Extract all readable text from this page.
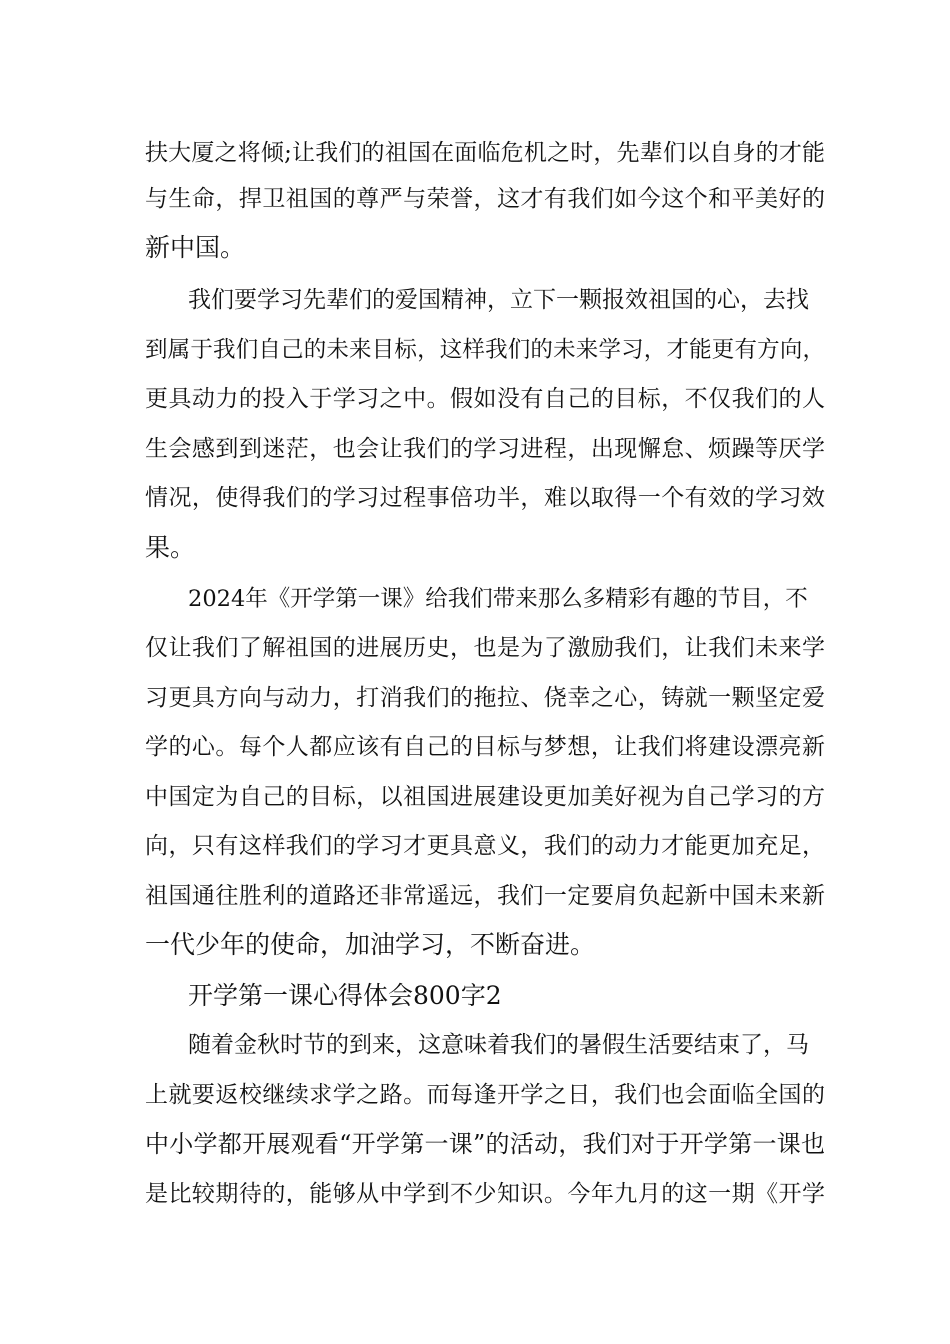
扶大厦之将倾;让我们的祖国在面临危机之时，先辈们以自身的才能
与生命，捍卫祖国的尊严与荣誉，这才有我们如今这个和平美好的
新中国。
我们要学习先辈们的爱国精神，立下一颗报效祖国的心，去找
到属于我们自己的未来目标，这样我们的未来学习，才能更有方向，
更具动力的投入于学习之中。假如没有自己的目标，不仅我们的人
生会感到到迷茫，也会让我们的学习进程，出现懈怠、烦躁等厌学
情况，使得我们的学习过程事倍功半，难以取得一个有效的学习效
果。
2024年《开学第一课》给我们带来那么多精彩有趣的节目，不
仅让我们了解祖国的进展历史，也是为了激励我们，让我们未来学
习更具方向与动力，打消我们的拖拉、侥幸之心，铸就一颗坚定爱
学的心。每个人都应该有自己的目标与梦想，让我们将建设漂亮新
中国定为自己的目标，以祖国进展建设更加美好视为自己学习的方
向，只有这样我们的学习才更具意义，我们的动力才能更加充足，
祖国通往胜利的道路还非常遥远，我们一定要肩负起新中国未来新
一代少年的使命，加油学习，不断奋进。
开学第一课心得体会800字2
随着金秋时节的到来，这意味着我们的暑假生活要结束了，马
上就要返校继续求学之路。而每逢开学之日，我们也会面临全国的
中小学都开展观看“开学第一课”的活动，我们对于开学第一课也
是比较期待的，能够从中学到不少知识。今年九月的这一期《开学
